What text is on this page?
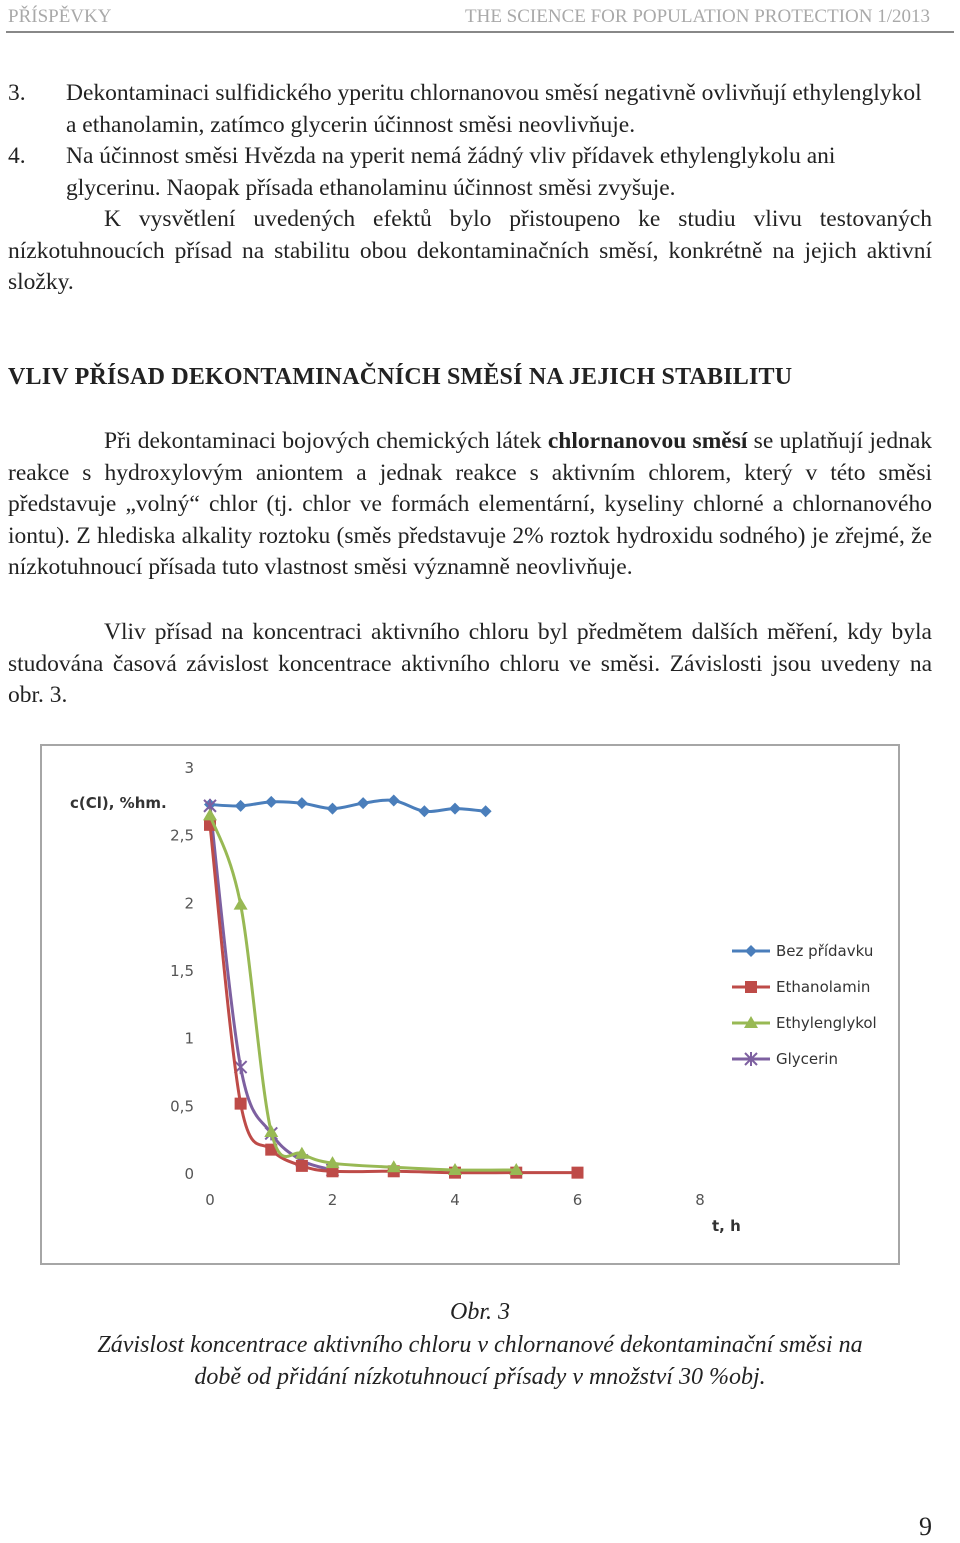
PŘÍSPĚVKY	THE SCIENCE FOR POPULATION PROTECTION 1/2013
3. Dekontaminaci sulfidického yperitu chlornanovou směsí negativně ovlivňují ethylenglykol a ethanolamin, zatímco glycerin účinnost směsi neovlivňuje.
4. Na účinnost směsi Hvězda na yperit nemá žádný vliv přídavek ethylenglykolu ani glycerinu. Naopak přísada ethanolaminu účinnost směsi zvyšuje.
K vysvětlení uvedených efektů bylo přistoupeno ke studiu vlivu testovaných nízkotuhnoucích přísad na stabilitu obou dekontaminačních směsí, konkrétně na jejich aktivní složky.
VLIV PŘÍSAD DEKONTAMINAČNÍCH SMĚSÍ NA JEJICH STABILITU
Při dekontaminaci bojových chemických látek chlornanovou směsí se uplatňují jednak reakce s hydroxylovým aniontem a jednak reakce s aktivním chlorem, který v této směsi představuje „volný“ chlor (tj. chlor ve formách elementární, kyseliny chlorné a chlornanového iontu). Z hlediska alkality roztoku (směs představuje 2% roztok hydroxidu sodného) je zřejmé, že nízkotuhnoucí přísada tuto vlastnost směsi významně neovlivňuje.
Vliv přísad na koncentraci aktivního chloru byl předmětem dalších měření, kdy byla studována časová závislost koncentrace aktivního chloru ve směsi. Závislosti jsou uvedeny na obr. 3.
0
0,5
1
1,5
2
2,5
3
0	2	4	6	8
c(Cl), %hm.
t, h
Bez přídavku
Ethanolamin
Ethylenglykol
Glycerin
Obr. 3
Závislost koncentrace aktivního chloru v chlornanové dekontaminační směsi na
době od přidání nízkotuhnoucí přísady v množství 30 %obj.
9
